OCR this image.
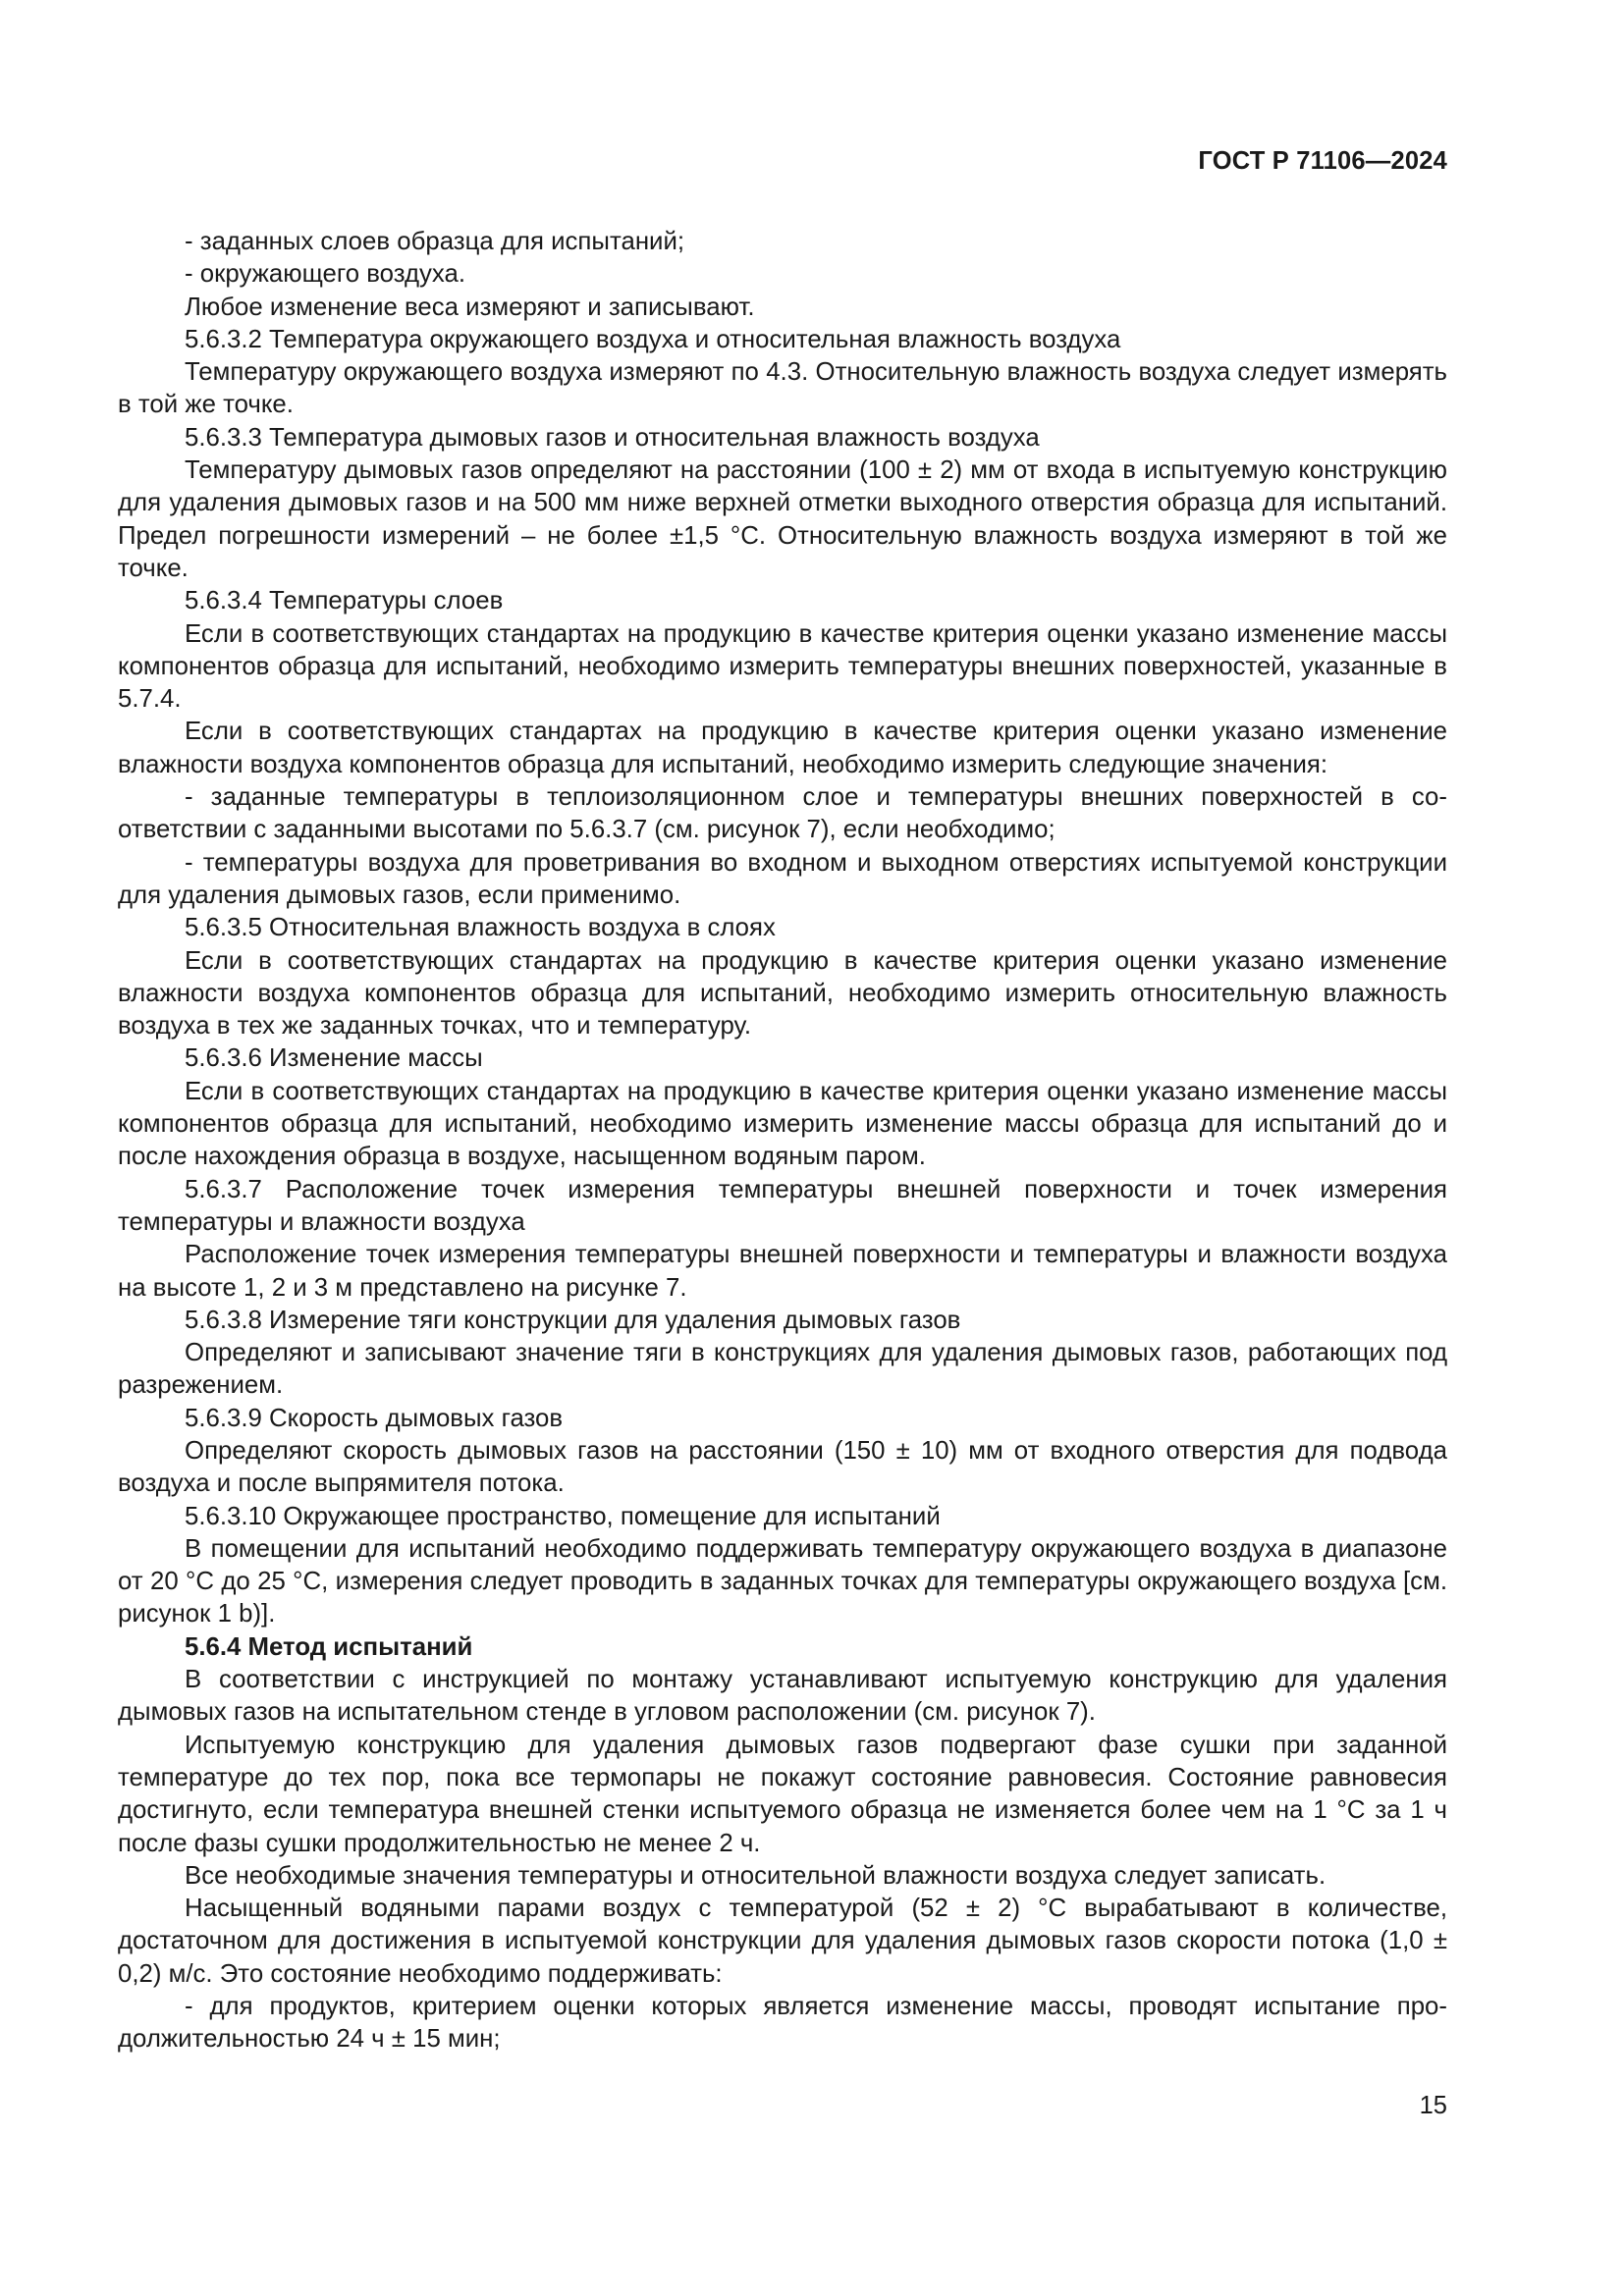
ГОСТ Р 71106—2024

- заданных слоев образца для испытаний;

- окружающего воздуха.

Любое изменение веса измеряют и записывают.

5.6.3.2 Температура окружающего воздуха и относительная влажность воздуха

Температуру окружающего воздуха измеряют по 4.3. Относительную влажность воздуха следует измерять в той же точке.

5.6.3.3 Температура дымовых газов и относительная влажность воздуха

Температуру дымовых газов определяют на расстоянии (100 ± 2) мм от входа в испытуемую конструкцию для удаления дымовых газов и на 500 мм ниже верхней отметки выходного отверстия образца для испытаний. Предел погрешности измерений – не более ±1,5 °С. Относительную влажность воздуха измеряют в той же точке.

5.6.3.4 Температуры слоев

Если в соответствующих стандартах на продукцию в качестве критерия оценки указано изменение массы компонентов образца для испытаний, необходимо измерить температуры внешних поверхностей, указанные в 5.7.4.

Если в соответствующих стандартах на продукцию в качестве критерия оценки указано изменение влажности воздуха компонентов образца для испытаний, необходимо измерить следующие значения:

- заданные температуры в теплоизоляционном слое и температуры внешних поверхностей в соответствии с заданными высотами по 5.6.3.7 (см. рисунок 7), если необходимо;

- температуры воздуха для проветривания во входном и выходном отверстиях испытуемой конструкции для удаления дымовых газов, если применимо.

5.6.3.5 Относительная влажность воздуха в слоях

Если в соответствующих стандартах на продукцию в качестве критерия оценки указано изменение влажности воздуха компонентов образца для испытаний, необходимо измерить относительную влажность воздуха в тех же заданных точках, что и температуру.

5.6.3.6 Изменение массы

Если в соответствующих стандартах на продукцию в качестве критерия оценки указано изменение массы компонентов образца для испытаний, необходимо измерить изменение массы образца для испытаний до и после нахождения образца в воздухе, насыщенном водяным паром.

5.6.3.7 Расположение точек измерения температуры внешней поверхности и точек измерения температуры и влажности воздуха

Расположение точек измерения температуры внешней поверхности и температуры и влажности воздуха на высоте 1, 2 и 3 м представлено на рисунке 7.

5.6.3.8 Измерение тяги конструкции для удаления дымовых газов

Определяют и записывают значение тяги в конструкциях для удаления дымовых газов, работающих под разрежением.

5.6.3.9 Скорость дымовых газов

Определяют скорость дымовых газов на расстоянии (150 ± 10) мм от входного отверстия для подвода воздуха и после выпрямителя потока.

5.6.3.10 Окружающее пространство, помещение для испытаний

В помещении для испытаний необходимо поддерживать температуру окружающего воздуха в диапазоне от 20 °С до 25 °С, измерения следует проводить в заданных точках для температуры окружающего воздуха [см. рисунок 1 b)].

5.6.4 Метод испытаний

В соответствии с инструкцией по монтажу устанавливают испытуемую конструкцию для удаления дымовых газов на испытательном стенде в угловом расположении (см. рисунок 7).

Испытуемую конструкцию для удаления дымовых газов подвергают фазе сушки при заданной температуре до тех пор, пока все термопары не покажут состояние равновесия. Состояние равновесия достигнуто, если температура внешней стенки испытуемого образца не изменяется более чем на 1 °С за 1 ч после фазы сушки продолжительностью не менее 2 ч.

Все необходимые значения температуры и относительной влажности воздуха следует записать.

Насыщенный водяными парами воздух с температурой (52 ± 2) °С вырабатывают в количестве, достаточном для достижения в испытуемой конструкции для удаления дымовых газов скорости потока (1,0 ± 0,2) м/с. Это состояние необходимо поддерживать:

- для продуктов, критерием оценки которых является изменение массы, проводят испытание продолжительностью 24 ч ± 15 мин;

15
